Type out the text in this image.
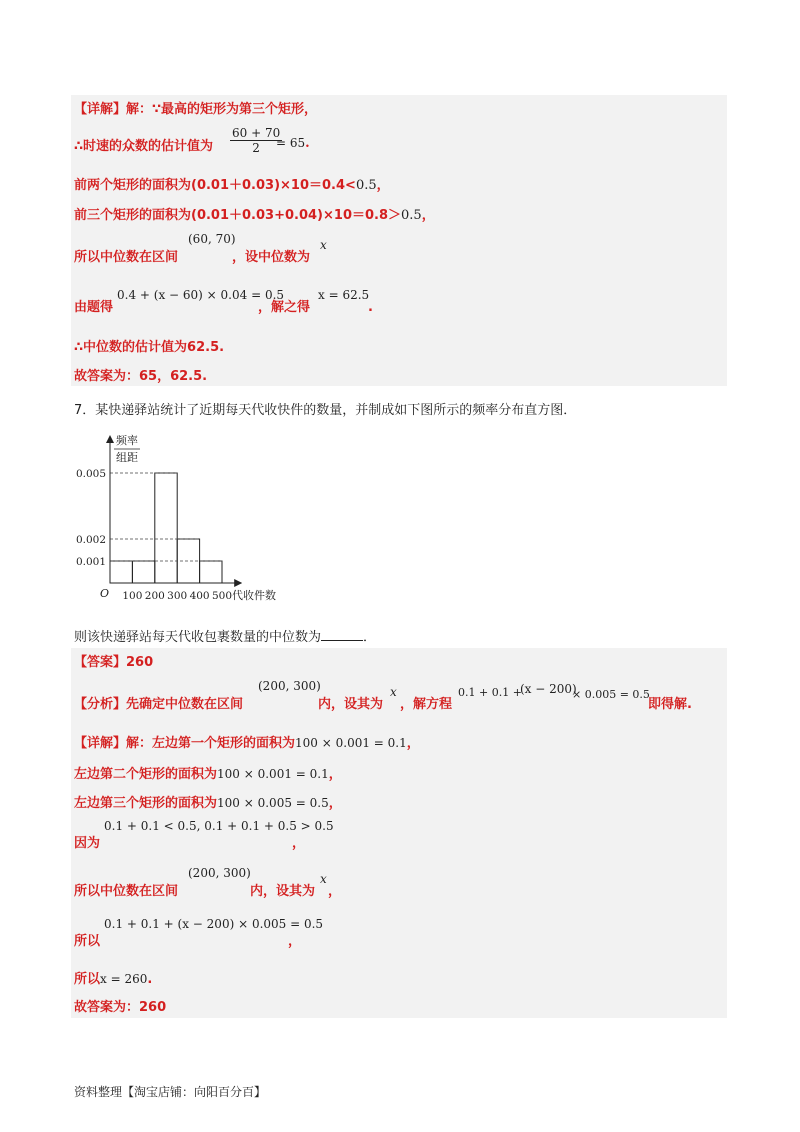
【详解】解：∵最高的矩形为第三个矩形，
∴时速的众数的估计值为 $\frac{60 + 70}{2}$
= 65.
前两个矩形的面积为(0.01＋0.03)×10＝0.4<0.5，
前三个矩形的面积为(0.01＋0.03+0.04)×10＝0.8＞0.5，
所以中位数在区间
(60, 70)
，设中位数为
x
由题得
0.4 + (x − 60) × 0.04 = 0.5
，解之得
x = 62.5
.
∴中位数的估计值为62.5.
故答案为：65，62.5.
7．某快递驿站统计了近期每天代收快件的数量，并制成如下图所示的频率分布直方图．
0.005
0.002
0.001
100 200 300 400 500 代收件数
O
频率
组距
则该快递驿站每天代收包裹数量的中位数为	．
【答案】260
【分析】先确定中位数在区间
(200, 300)
内，设其为
x
，解方程
0.1 + 0.1 +
(x − 200)
× 0.005 = 0.5
即得解.
【详解】解：左边第一个矩形的面积为100 × 0.001 = 0.1，
左边第二个矩形的面积为100 × 0.001 = 0.1，
左边第三个矩形的面积为100 × 0.005 = 0.5，
0.1 + 0.1 < 0.5, 0.1 + 0.1 + 0.5 > 0.5
因为	，
所以中位数在区间
(200, 300)
内，设其为
x
，
0.1 + 0.1 + (x − 200) × 0.005 = 0.5
所以	，
所以x = 260.
故答案为：260
资料整理【淘宝店铺：向阳百分百】
